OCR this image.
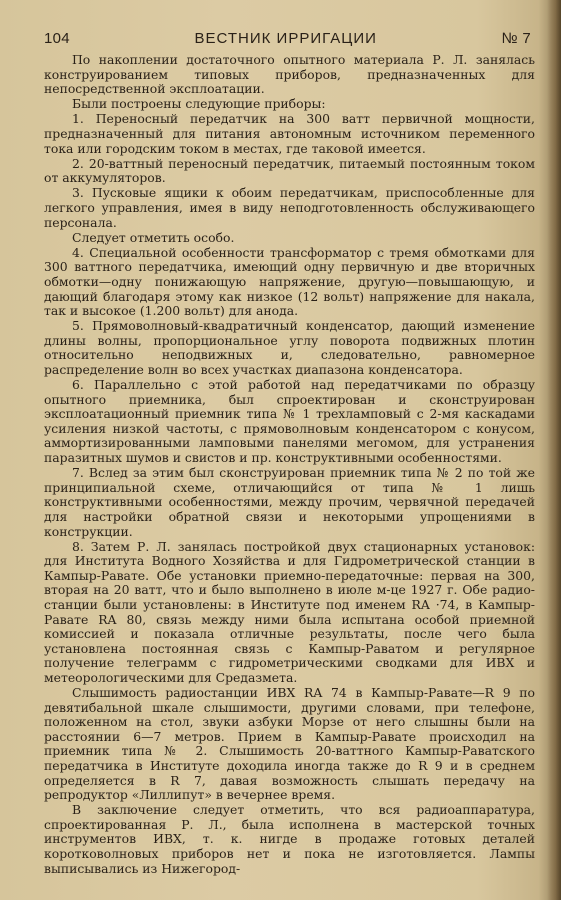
104	ВЕСТНИК ИРРИГАЦИИ	№ 7

По накоплении достаточного опытного материала Р. Л. занялась конструированием типовых приборов, предназначенных для непосредственной эксплоатации.

Были построены следующие приборы:

1. Переносный передатчик на 300 ватт первичной мощности, предназначенный для питания автономным источником переменного тока или городским током в местах, где таковой имеется.

2. 20-ваттный переносный передатчик, питаемый постоянным током от аккумуляторов.

3. Пусковые ящики к обоим передатчикам, приспособленные для легкого управления, имея в виду неподготовленность обслуживающего персонала.

Следует отметить особо.

4. Специальной особенности трансформатор с тремя обмотками для 300 ваттного передатчика, имеющий одну первичную и две вторичных обмотки—одну понижающую напряжение, другую—повышающую, и дающий благодаря этому как низкое (12 вольт) напряжение для накала, так и высокое (1.200 вольт) для анода.

5. Прямоволновый-квадратичный конденсатор, дающий изменение длины волны, пропорциональное углу поворота подвижных плотин относительно неподвижных и, следовательно, равномерное распределение волн во всех участках диапазона конденсатора.

6. Параллельно с этой работой над передатчиками по образцу опытного приемника, был спроектирован и сконструирован эксплоатационный приемник типа № 1 трехламповый с 2-мя каскадами усиления низкой частоты, с прямоволновым конденсатором с конусом, аммортизированными ламповыми панелями мегомом, для устранения паразитных шумов и свистов и пр. конструктивными особенностями.

7. Вслед за этим был сконструирован приемник типа № 2 по той же принципиальной схеме, отличающийся от типа № 1 лишь конструктивными особенностями, между прочим, червячной передачей для настройки обратной связи и некоторыми упрощениями в конструкции.

8. Затем Р. Л. занялась постройкой двух стационарных установок: для Института Водного Хозяйства и для Гидрометрической станции в Кампыр-Равате. Обе установки приемно-передаточные: первая на 300, вторая на 20 ватт, что и было выполнено в июле м-це 1927 г. Обе радио-станции были установлены: в Институте под именем RA ·74, в Кампыр-Равате RA 80, связь между ними была испытана особой приемной комиссией и показала отличные результаты, после чего была установлена постоянная связь с Кампыр-Раватом и регулярное получение телеграмм с гидрометрическими сводками для ИВХ и метеорологическими для Средазмета.

Слышимость радиостанции ИВХ RA 74 в Кампыр-Равате—R 9 по девятибальной шкале слышимости, другими словами, при телефоне, положенном на стол, звуки азбуки Морзе от него слышны были на расстоянии 6—7 метров. Прием в Кампыр-Равате происходил на приемник типа № 2. Слышимость 20-ваттного Кампыр-Раватского передатчика в Институте доходила иногда также до R 9 и в среднем определяется в R 7, давая возможность слышать передачу на репродуктор «Лиллипут» в вечернее время.

В заключение следует отметить, что вся радиоаппаратура, спроектированная Р. Л., была исполнена в мастерской точных инструментов ИВХ, т. к. нигде в продаже готовых деталей коротковолновых приборов нет и пока не изготовляется. Лампы выписывались из Нижегород-
